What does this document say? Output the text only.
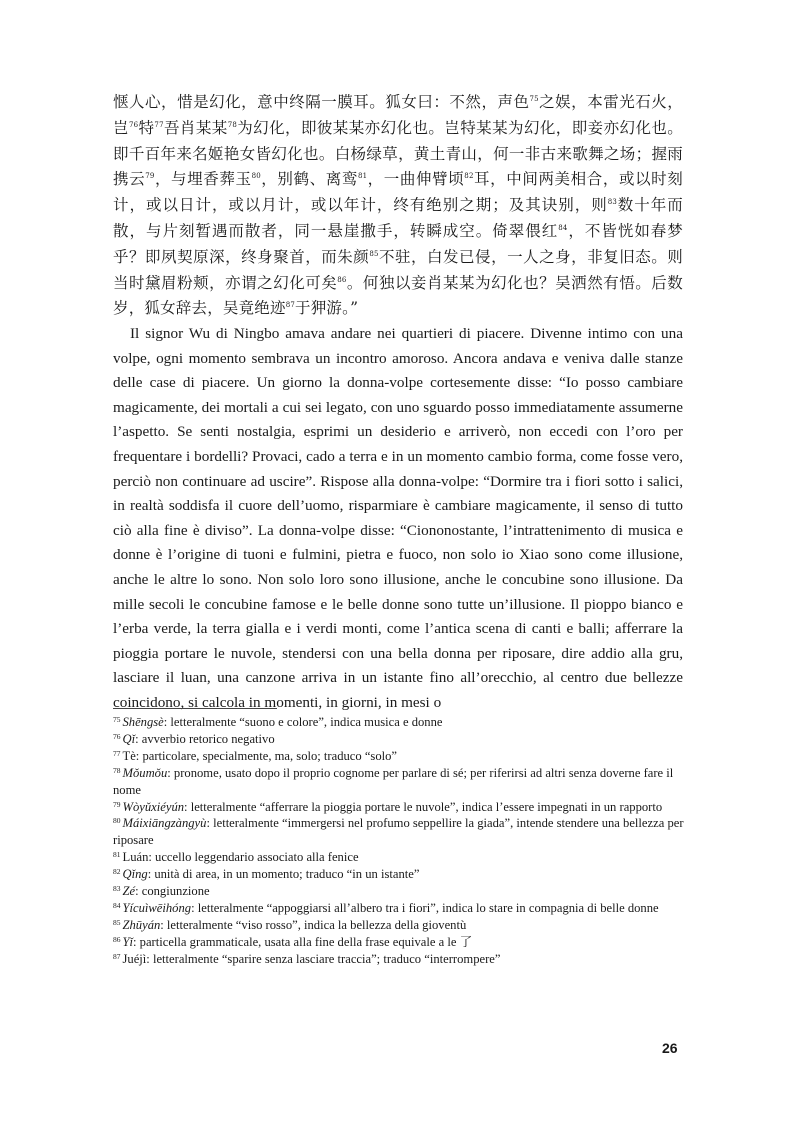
惬人心，惜是幻化，意中终隔一膜耳。狐女曰：不然，声色$^{75}$之娱，本雷光石火，岂$^{76}$特$^{77}$吾肖某某$^{78}$为幻化，即彼某某亦幻化也。岂特某某为幻化，即妾亦幻化也。即千百年来名姬艳女皆幻化也。白杨绿草，黄土青山，何一非古来歌舞之场；握雨携云$^{79}$，与埋香葬玉$^{80}$，别鹤、离鸾$^{81}$，一曲伸臂顷$^{82}$耳，中间两美相合，或以时刻计，或以日计，或以月计，或以年计，终有绝别之期；及其诀别，则$^{83}$数十年而散，与片刻暂遇而散者，同一悬崖撒手，转瞬成空。倚翠偎红$^{84}$，不皆恍如春梦乎？即夙契原深，终身聚首，而朱颜$^{85}$不驻，白发已侵，一人之身，非复旧态。则当时黛眉粉颊，亦谓之幻化可矣$^{86}$。何独以妾肖某某为幻化也？吴洒然有悟。后数岁，狐女辞去，吴竟绝迹$^{87}$于狎游。”

Il signor Wu di Ningbo amava andare nei quartieri di piacere. Divenne intimo con una volpe, ogni momento sembrava un incontro amoroso. Ancora andava e veniva dalle stanze delle case di piacere. Un giorno la donna-volpe cortesemente disse: “Io posso cambiare magicamente, dei mortali a cui sei legato, con uno sguardo posso immediatamente assumerne l’aspetto. Se senti nostalgia, esprimi un desiderio e arriverò, non eccedi con l’oro per frequentare i bordelli? Provaci, cado a terra e in un momento cambio forma, come fosse vero, perciò non continuare ad uscire”. Rispose alla donna-volpe: “Dormire tra i fiori sotto i salici, in realtà soddisfa il cuore dell’uomo, risparmiare è cambiare magicamente, il senso di tutto ciò alla fine è diviso”. La donna-volpe disse: “Ciononostante, l’intrattenimento di musica e donne è l’origine di tuoni e fulmini, pietra e fuoco, non solo io Xiao sono come illusione, anche le altre lo sono. Non solo loro sono illusione, anche le concubine sono illusione. Da mille secoli le concubine famose e le belle donne sono tutte un’illusione. Il pioppo bianco e l’erba verde, la terra gialla e i verdi monti, come l’antica scena di canti e balli; afferrare la pioggia portare le nuvole, stendersi con una bella donna per riposare, dire addio alla gru, lasciare il luan, una canzone arriva in un istante fino all’orecchio, al centro due bellezze coincidono, si calcola in momenti, in giorni, in mesi o

$^{75}$ Shēngsè: letteralmente “suono e colore”, indica musica e donne
$^{76}$ Qǐ: avverbio retorico negativo
$^{77}$ Tè: particolare, specialmente, ma, solo; traduco “solo”
$^{78}$ Mǒumǒu: pronome, usato dopo il proprio cognome per parlare di sé; per riferirsi ad altri senza doverne fare il nome
$^{79}$ Wòyǔxiéyún: letteralmente “afferrare la pioggia portare le nuvole”, indica l’essere impegnati in un rapporto
$^{80}$ Máixiāngzàngyù: letteralmente “immergersi nel profumo seppellire la giada”, intende stendere una bellezza per riposare
$^{81}$ Luán: uccello leggendario associato alla fenice
$^{82}$ Qǐng: unità di area, in un momento; traduco “in un istante”
$^{83}$ Zé: congiunzione
$^{84}$ Yícuìwēihóng: letteralmente “appoggiarsi all’albero tra i fiori”, indica lo stare in compagnia di belle donne
$^{85}$ Zhūyán: letteralmente “viso rosso”, indica la bellezza della gioventù
$^{86}$ Yǐ: particella grammaticale, usata alla fine della frase equivale a le 了
$^{87}$ Juéjì: letteralmente “sparire senza lasciare traccia”; traduco “interrompere”
26
